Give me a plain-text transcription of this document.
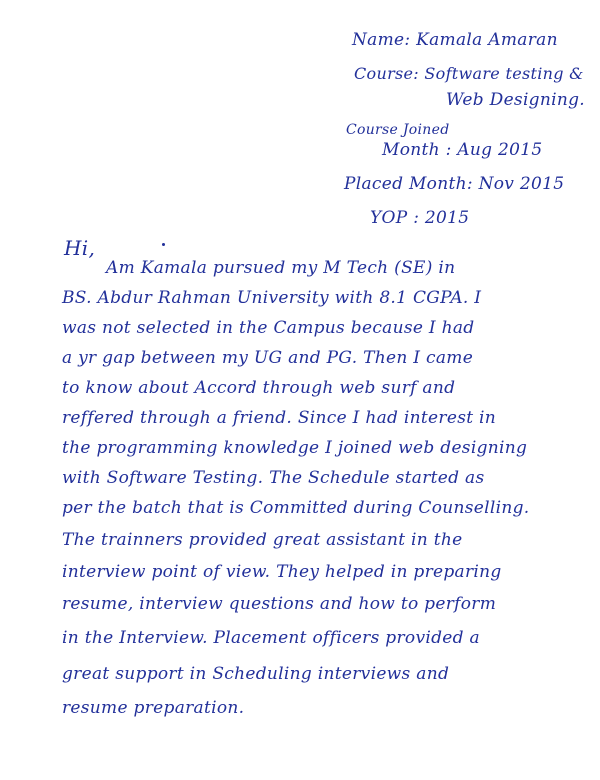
Name: Kamala Amaran
Course: Software testing &
Web Designing.
Course Joined
Month : Aug 2015
Placed Month: Nov 2015
YOP : 2015
Hi,
Am Kamala pursued my M Tech (SE) in
BS. Abdur Rahman University with 8.1 CGPA. I
was not selected in the Campus because I had
a yr gap between my UG and PG. Then I came
to know about Accord through web surf and
reffered through a friend. Since I had interest in
the programming knowledge I joined web designing
with Software Testing. The Schedule started as
per the batch that is Committed during Counselling.
The trainners provided great assistant in the
interview point of view. They helped in preparing
resume, interview questions and how to perform
in the Interview. Placement officers provided a
great support in Scheduling interviews and
resume preparation.
